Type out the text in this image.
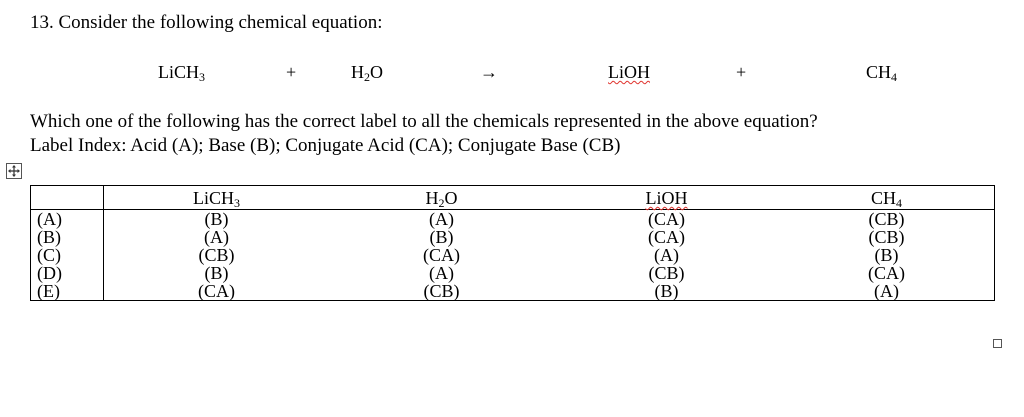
13. Consider the following chemical equation:
LiCH$_3$	+	$H_2O$	→	LiOH	+	$CH_4$
Which one of the following has the correct label to all the chemicals represented in the above equation?
Label Index: Acid (A); Base (B); Conjugate Acid (CA); Conjugate Base (CB)
	LiCH$_3$	$H_2O$	LiOH	$CH_4$
(A)	(B)	(A)	(CA)	(CB)
(B)	(A)	(B)	(CA)	(CB)
(C)	(CB)	(CA)	(A)	(B)
(D)	(B)	(A)	(CB)	(CA)
(E)	(CA)	(CB)	(B)	(A)
